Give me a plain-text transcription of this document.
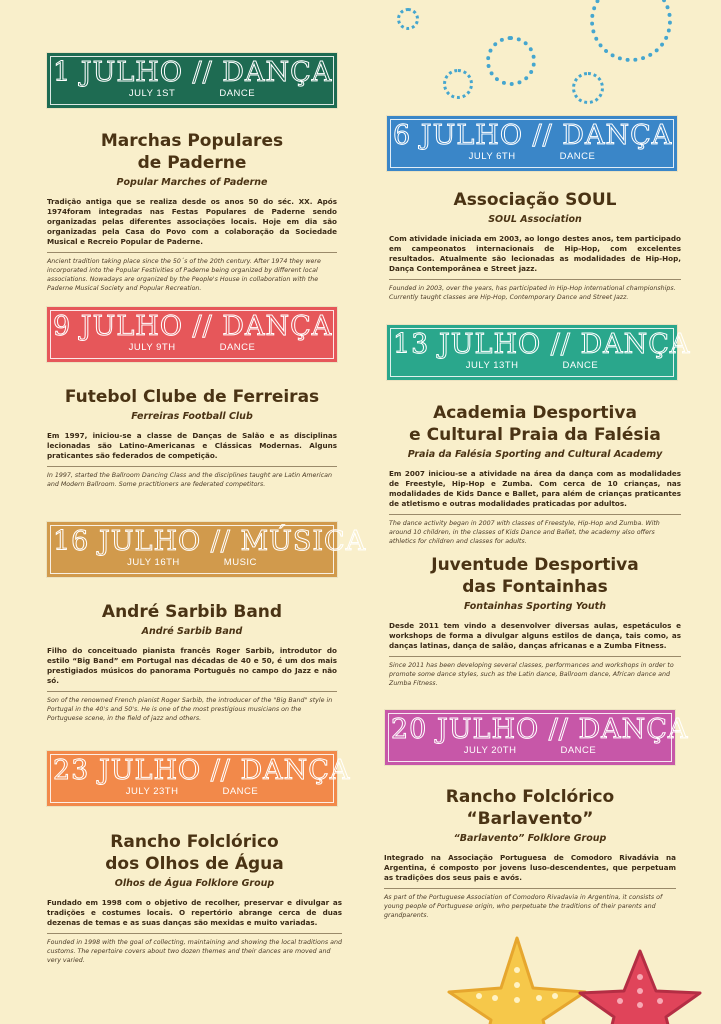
1 JULHO // DANÇA
JULY 1ST	DANCE
Marchas Populares
de Paderne
Popular Marches of Paderne

Tradição antiga que se realiza desde os anos 50 do séc. XX. Após 1974foram integradas nas Festas Populares de Paderne sendo organizadas pelas diferentes associações locais. Hoje em dia são organizadas pela Casa do Povo com a colaboração da Sociedade Musical e Recreio Popular de Paderne.

Ancient tradition taking place since the 50´s of the 20th century. After 1974 they were incorporated into the Popular Festivities of Paderne being organized by different local associations. Nowadays are organized by the People's House in collaboration with the Paderne Musical Society and Popular Recreation.

9 JULHO // DANÇA
JULY 9TH	DANCE
Futebol Clube de Ferreiras
Ferreiras Football Club

Em 1997, iniciou-se a classe de Danças de Salão e as disciplinas lecionadas são Latino-Americanas e Clássicas Modernas. Alguns praticantes são federados de competição.

In 1997, started the Ballroom Dancing Class and the disciplines taught are Latin American and Modern Ballroom. Some practitioners are federated competitors.

16 JULHO // MÚSICA
JULY 16TH	MUSIC
André Sarbib Band
André Sarbib Band

Filho do conceituado pianista francês Roger Sarbib, introdutor do estilo “Big Band” em Portugal nas décadas de 40 e 50, é um dos mais prestigiados músicos do panorama Português no campo do Jazz e não só.

Son of the renowned French pianist Roger Sarbib, the introducer of the "Big Band" style in Portugal in the 40's and 50's. He is one of the most prestigious musicians on the Portuguese scene, in the field of jazz and others.

23 JULHO // DANÇA
JULY 23TH	DANCE
Rancho Folclórico
dos Olhos de Água
Olhos de Água Folklore Group

Fundado em 1998 com o objetivo de recolher, preservar e divulgar as tradições e costumes locais. O repertório abrange cerca de duas dezenas de temas e as suas danças são mexidas e muito variadas.

Founded in 1998 with the goal of collecting, maintaining and showing the local traditions and customs. The repertoire covers about two dozen themes and their dances are moved and very varied.

6 JULHO // DANÇA
JULY 6TH	DANCE
Associação SOUL
SOUL Association

Com atividade iniciada em 2003, ao longo destes anos, tem participado em campeonatos internacionais de Hip-Hop, com excelentes resultados. Atualmente são lecionadas as modalidades de Hip-Hop, Dança Contemporânea e Street jazz.

Founded in 2003, over the years, has participated in Hip-Hop international championships. Currently taught classes are Hip-Hop, Contemporary Dance and Street Jazz.

13 JULHO // DANÇA
JULY 13TH	DANCE
Academia Desportiva
e Cultural Praia da Falésia
Praia da Falésia Sporting and Cultural Academy

Em 2007 iniciou-se a atividade na área da dança com as modalidades de Freestyle, Hip-Hop e Zumba. Com cerca de 10 crianças, nas modalidades de Kids Dance e Ballet, para além de crianças praticantes de atletismo e outras modalidades praticadas por adultos.

The dance activity began in 2007 with classes of Freestyle, Hip-Hop and Zumba. With around 10 children, in the classes of Kids Dance and Ballet, the academy also offers athletics for children and classes for adults.

Juventude Desportiva
das Fontainhas
Fontainhas Sporting Youth

Desde 2011 tem vindo a desenvolver diversas aulas, espetáculos e workshops de forma a divulgar alguns estilos de dança, tais como, as danças latinas, dança de salão, danças africanas e a Zumba Fitness.

Since 2011 has been developing several classes, performances and workshops in order to promote some dance styles, such as the Latin dance, Ballroom dance, African dance and Zumba Fitness.

20 JULHO // DANÇA
JULY 20TH	DANCE
Rancho Folclórico
“Barlavento”
“Barlavento” Folklore Group

Integrado na Associação Portuguesa de Comodoro Rivadávia na Argentina, é composto por jovens luso-descendentes, que perpetuam as tradições dos seus pais e avós.

As part of the Portuguese Association of Comodoro Rivadavia in Argentina, it consists of young people of Portuguese origin, who perpetuate the traditions of their parents and grandparents.
